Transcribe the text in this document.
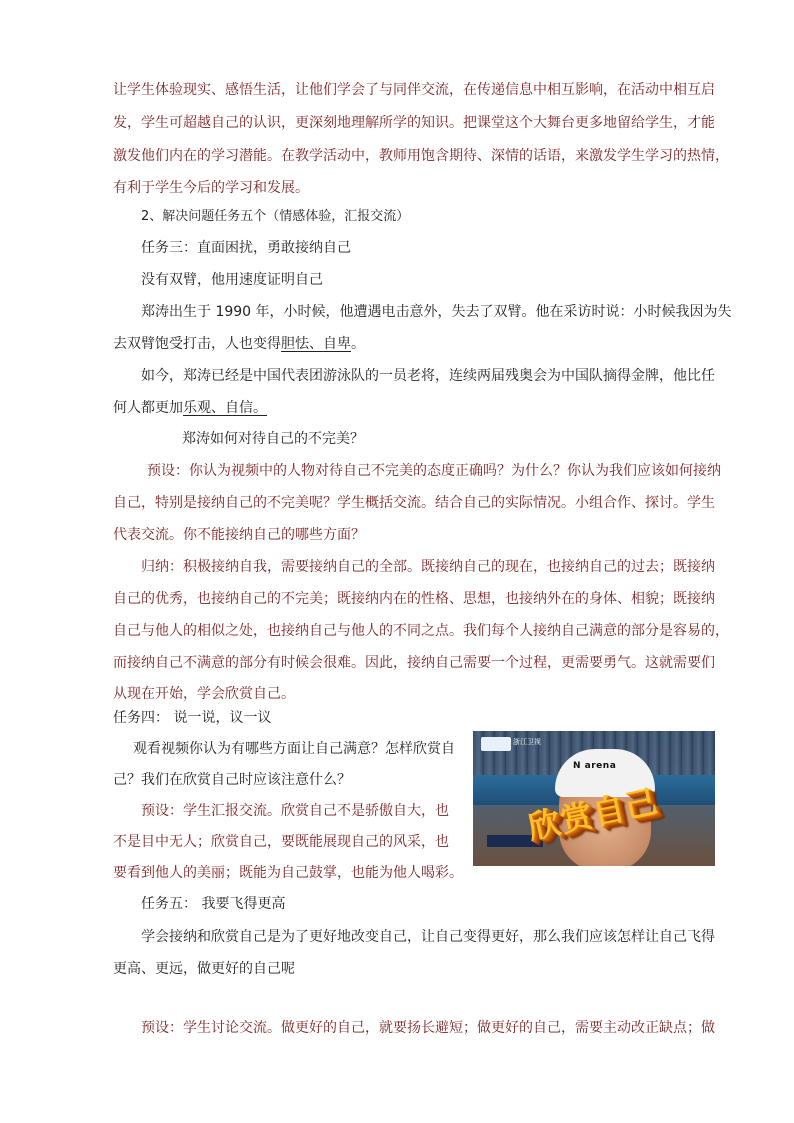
让学生体验现实、感悟生活，让他们学会了与同伴交流，在传递信息中相互影响，在活动中相互启
发，学生可超越自己的认识，更深刻地理解所学的知识。把课堂这个大舞台更多地留给学生，才能
激发他们内在的学习潜能。在教学活动中，教师用饱含期待、深情的话语，来激发学生学习的热情，
有利于学生今后的学习和发展。
2、解决问题任务五个（情感体验，汇报交流）
任务三：直面困扰，勇敢接纳自己
没有双臂，他用速度证明自己
郑涛出生于 1990 年，小时候，他遭遇电击意外，失去了双臂。他在采访时说：小时候我因为失
去双臂饱受打击，人也变得胆怯、自卑。
如今，郑涛已经是中国代表团游泳队的一员老将，连续两届残奥会为中国队摘得金牌，他比任
何人都更加乐观、自信。
郑涛如何对待自己的不完美？
预设：你认为视频中的人物对待自己不完美的态度正确吗？为什么？你认为我们应该如何接纳
自己，特别是接纳自己的不完美呢？学生概括交流。结合自己的实际情况。小组合作、探讨。学生
代表交流。你不能接纳自己的哪些方面？
归纳：积极接纳自我，需要接纳自己的全部。既接纳自己的现在，也接纳自己的过去；既接纳
自己的优秀，也接纳自己的不完美；既接纳内在的性格、思想，也接纳外在的身体、相貌；既接纳
自己与他人的相似之处，也接纳自己与他人的不同之点。我们每个人接纳自己满意的部分是容易的，
而接纳自己不满意的部分有时候会很难。因此，接纳自己需要一个过程，更需要勇气。这就需要们
从现在开始，学会欣赏自己。
任务四： 说一说，议一议
观看视频你认为有哪些方面让自己满意？怎样欣赏自
己？我们在欣赏自己时应该注意什么？
预设：学生汇报交流。欣赏自己不是骄傲自大，也
不是目中无人；欣赏自己，要既能展现自己的风采，也
要看到他人的美丽；既能为自己鼓掌，也能为他人喝彩。
浙江卫视
N arena
欣赏自己
任务五： 我要飞得更高
学会接纳和欣赏自己是为了更好地改变自己，让自己变得更好，那么我们应该怎样让自己飞得
更高、更远，做更好的自己呢
预设：学生讨论交流。做更好的自己，就要扬长避短；做更好的自己，需要主动改正缺点；做
